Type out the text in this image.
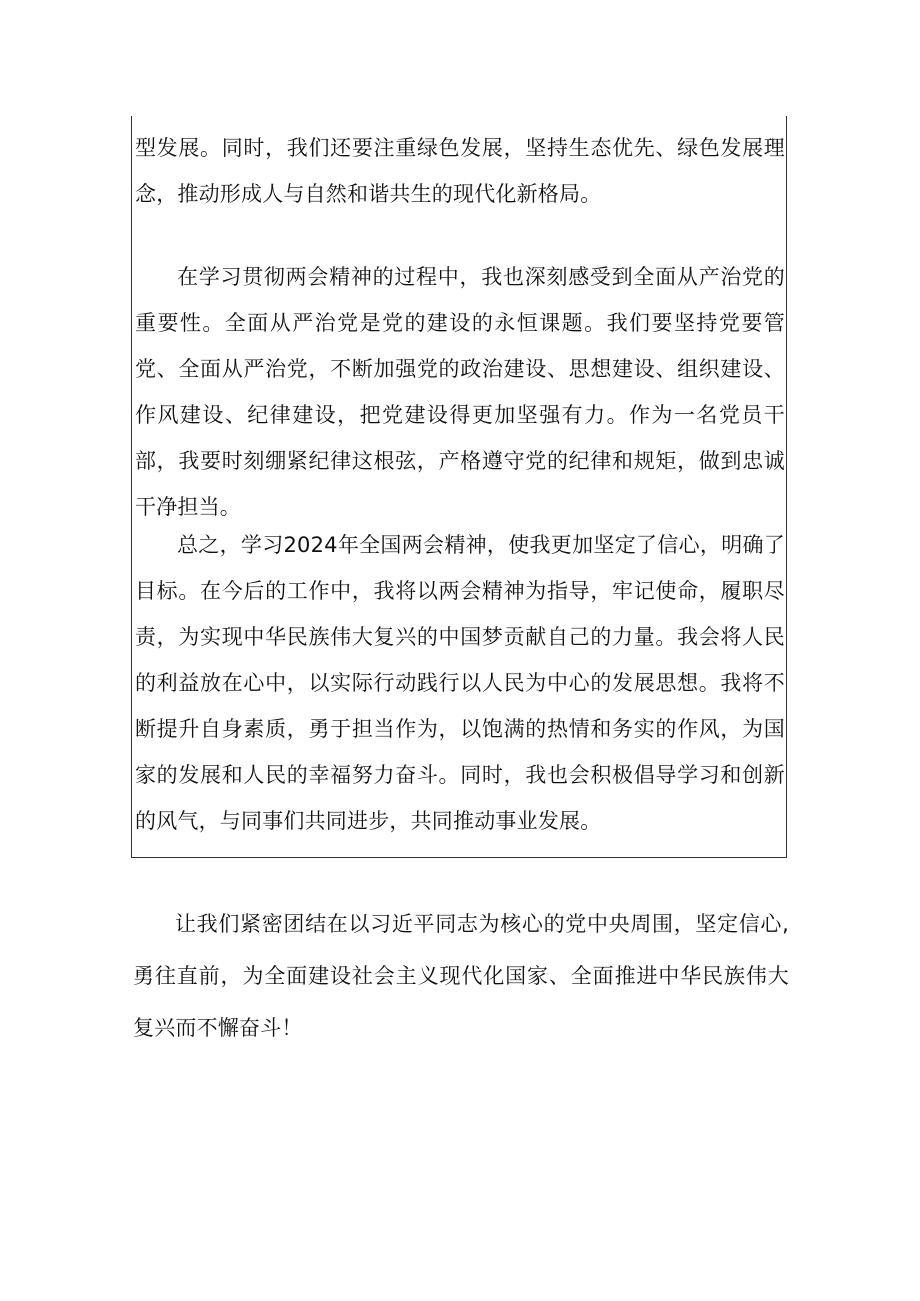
型发展。同时，我们还要注重绿色发展，坚持生态优先、绿色发展理念，推动形成人与自然和谐共生的现代化新格局。

在学习贯彻两会精神的过程中，我也深刻感受到全面从产治党的重要性。全面从严治党是党的建设的永恒课题。我们要坚持党要管党、全面从严治党，不断加强党的政治建设、思想建设、组织建设、作风建设、纪律建设，把党建设得更加坚强有力。作为一名党员干部，我要时刻绷紧纪律这根弦，产格遵守党的纪律和规矩，做到忠诚干净担当。

总之，学习2024年全国两会精神，使我更加坚定了信心，明确了目标。在今后的工作中，我将以两会精神为指导，牢记使命，履职尽责，为实现中华民族伟大复兴的中国梦贡献自己的力量。我会将人民的利益放在心中，以实际行动践行以人民为中心的发展思想。我将不断提升自身素质，勇于担当作为，以饱满的热情和务实的作风，为国家的发展和人民的幸福努力奋斗。同时，我也会积极倡导学习和创新的风气，与同事们共同进步，共同推动事业发展。

让我们紧密团结在以习近平同志为核心的党中央周围，坚定信心,勇往直前，为全面建设社会主义现代化国家、全面推进中华民族伟大复兴而不懈奋斗！
